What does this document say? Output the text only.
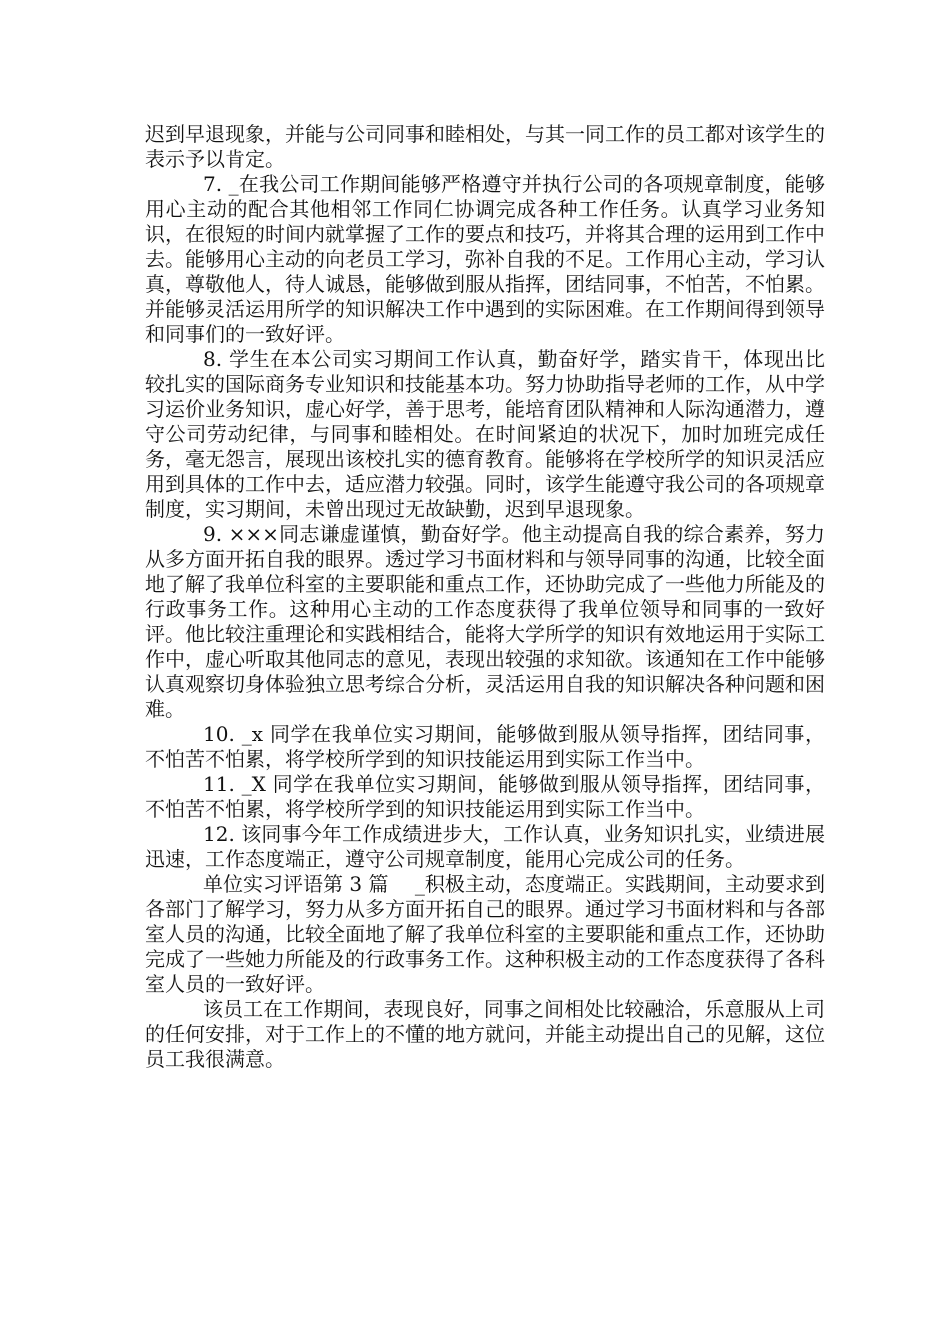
迟到早退现象，并能与公司同事和睦相处，与其一同工作的员工都对该学生的表示予以肯定。

7. _在我公司工作期间能够严格遵守并执行公司的各项规章制度，能够用心主动的配合其他相邻工作同仁协调完成各种工作任务。认真学习业务知识，在很短的时间内就掌握了工作的要点和技巧，并将其合理的运用到工作中去。能够用心主动的向老员工学习，弥补自我的不足。工作用心主动，学习认真，尊敬他人，待人诚恳，能够做到服从指挥，团结同事，不怕苦，不怕累。并能够灵活运用所学的知识解决工作中遇到的实际困难。在工作期间得到领导和同事们的一致好评。

8. 学生在本公司实习期间工作认真，勤奋好学，踏实肯干，体现出比较扎实的国际商务专业知识和技能基本功。努力协助指导老师的工作，从中学习运价业务知识，虚心好学，善于思考，能培育团队精神和人际沟通潜力，遵守公司劳动纪律，与同事和睦相处。在时间紧迫的状况下，加时加班完成任务，毫无怨言，展现出该校扎实的德育教育。能够将在学校所学的知识灵活应用到具体的工作中去，适应潜力较强。同时，该学生能遵守我公司的各项规章制度，实习期间，未曾出现过无故缺勤，迟到早退现象。

9. ×××同志谦虚谨慎，勤奋好学。他主动提高自我的综合素养，努力从多方面开拓自我的眼界。透过学习书面材料和与领导同事的沟通，比较全面地了解了我单位科室的主要职能和重点工作，还协助完成了一些他力所能及的行政事务工作。这种用心主动的工作态度获得了我单位领导和同事的一致好评。他比较注重理论和实践相结合，能将大学所学的知识有效地运用于实际工作中，虚心听取其他同志的意见，表现出较强的求知欲。该通知在工作中能够认真观察切身体验独立思考综合分析，灵活运用自我的知识解决各种问题和困难。

10. _x 同学在我单位实习期间，能够做到服从领导指挥，团结同事，不怕苦不怕累，将学校所学到的知识技能运用到实际工作当中。

11. _X 同学在我单位实习期间，能够做到服从领导指挥，团结同事，不怕苦不怕累，将学校所学到的知识技能运用到实际工作当中。

12. 该同事今年工作成绩进步大，工作认真，业务知识扎实，业绩进展迅速，工作态度端正，遵守公司规章制度，能用心完成公司的任务。

单位实习评语第 3 篇　 _积极主动，态度端正。实践期间，主动要求到各部门了解学习，努力从多方面开拓自己的眼界。通过学习书面材料和与各部室人员的沟通，比较全面地了解了我单位科室的主要职能和重点工作，还协助完成了一些她力所能及的行政事务工作。这种积极主动的工作态度获得了各科室人员的一致好评。

该员工在工作期间，表现良好，同事之间相处比较融洽，乐意服从上司的任何安排，对于工作上的不懂的地方就问，并能主动提出自己的见解，这位员工我很满意。
